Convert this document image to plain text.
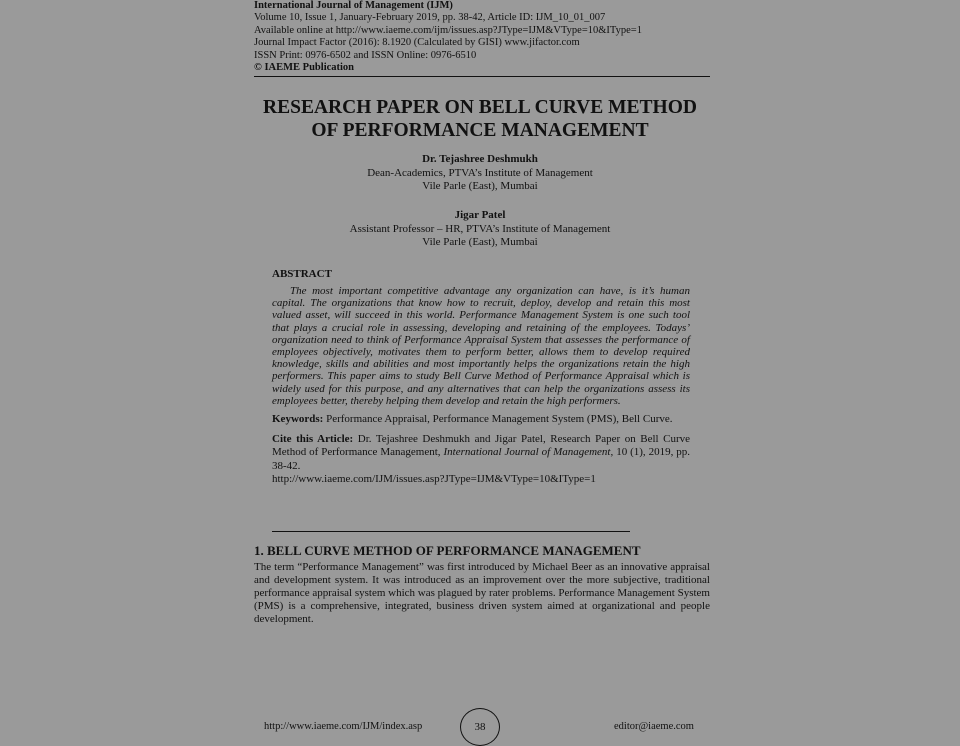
International Journal of Management (IJM)
Volume 10, Issue 1, January-February 2019, pp. 38-42, Article ID: IJM_10_01_007
Available online at http://www.iaeme.com/ijm/issues.asp?JType=IJM&VType=10&IType=1
Journal Impact Factor (2016): 8.1920 (Calculated by GISI) www.jifactor.com
ISSN Print: 0976-6502 and ISSN Online: 0976-6510
© IAEME Publication
RESEARCH PAPER ON BELL CURVE METHOD
OF PERFORMANCE MANAGEMENT
Dr. Tejashree Deshmukh
Dean-Academics, PTVA’s Institute of Management
Vile Parle (East), Mumbai
Jigar Patel
Assistant Professor – HR, PTVA’s Institute of Management
Vile Parle (East), Mumbai
ABSTRACT

The most important competitive advantage any organization can have, is it’s human capital. The organizations that know how to recruit, deploy, develop and retain this most valued asset, will succeed in this world. Performance Management System is one such tool that plays a crucial role in assessing, developing and retaining of the employees. Todays’ organization need to think of Performance Appraisal System that assesses the performance of employees objectively, motivates them to perform better, allows them to develop required knowledge, skills and abilities and most importantly helps the organizations retain the high performers. This paper aims to study Bell Curve Method of Performance Appraisal which is widely used for this purpose, and any alternatives that can help the organizations assess its employees better, thereby helping them develop and retain the high performers.

Keywords: Performance Appraisal, Performance Management System (PMS), Bell Curve.
Cite this Article: Dr. Tejashree Deshmukh and Jigar Patel, Research Paper on Bell Curve Method of Performance Management, International Journal of Management, 10 (1), 2019, pp. 38-42.
http://www.iaeme.com/IJM/issues.asp?JType=IJM&VType=10&IType=1
1. BELL CURVE METHOD OF PERFORMANCE MANAGEMENT

The term “Performance Management” was first introduced by Michael Beer as an innovative appraisal and development system. It was introduced as an improvement over the more subjective, traditional performance appraisal system which was plagued by rater problems. Performance Management System (PMS) is a comprehensive, integrated, business driven system aimed at organizational and people development.

http://www.iaeme.com/IJM/index.asp	38	editor@iaeme.com
